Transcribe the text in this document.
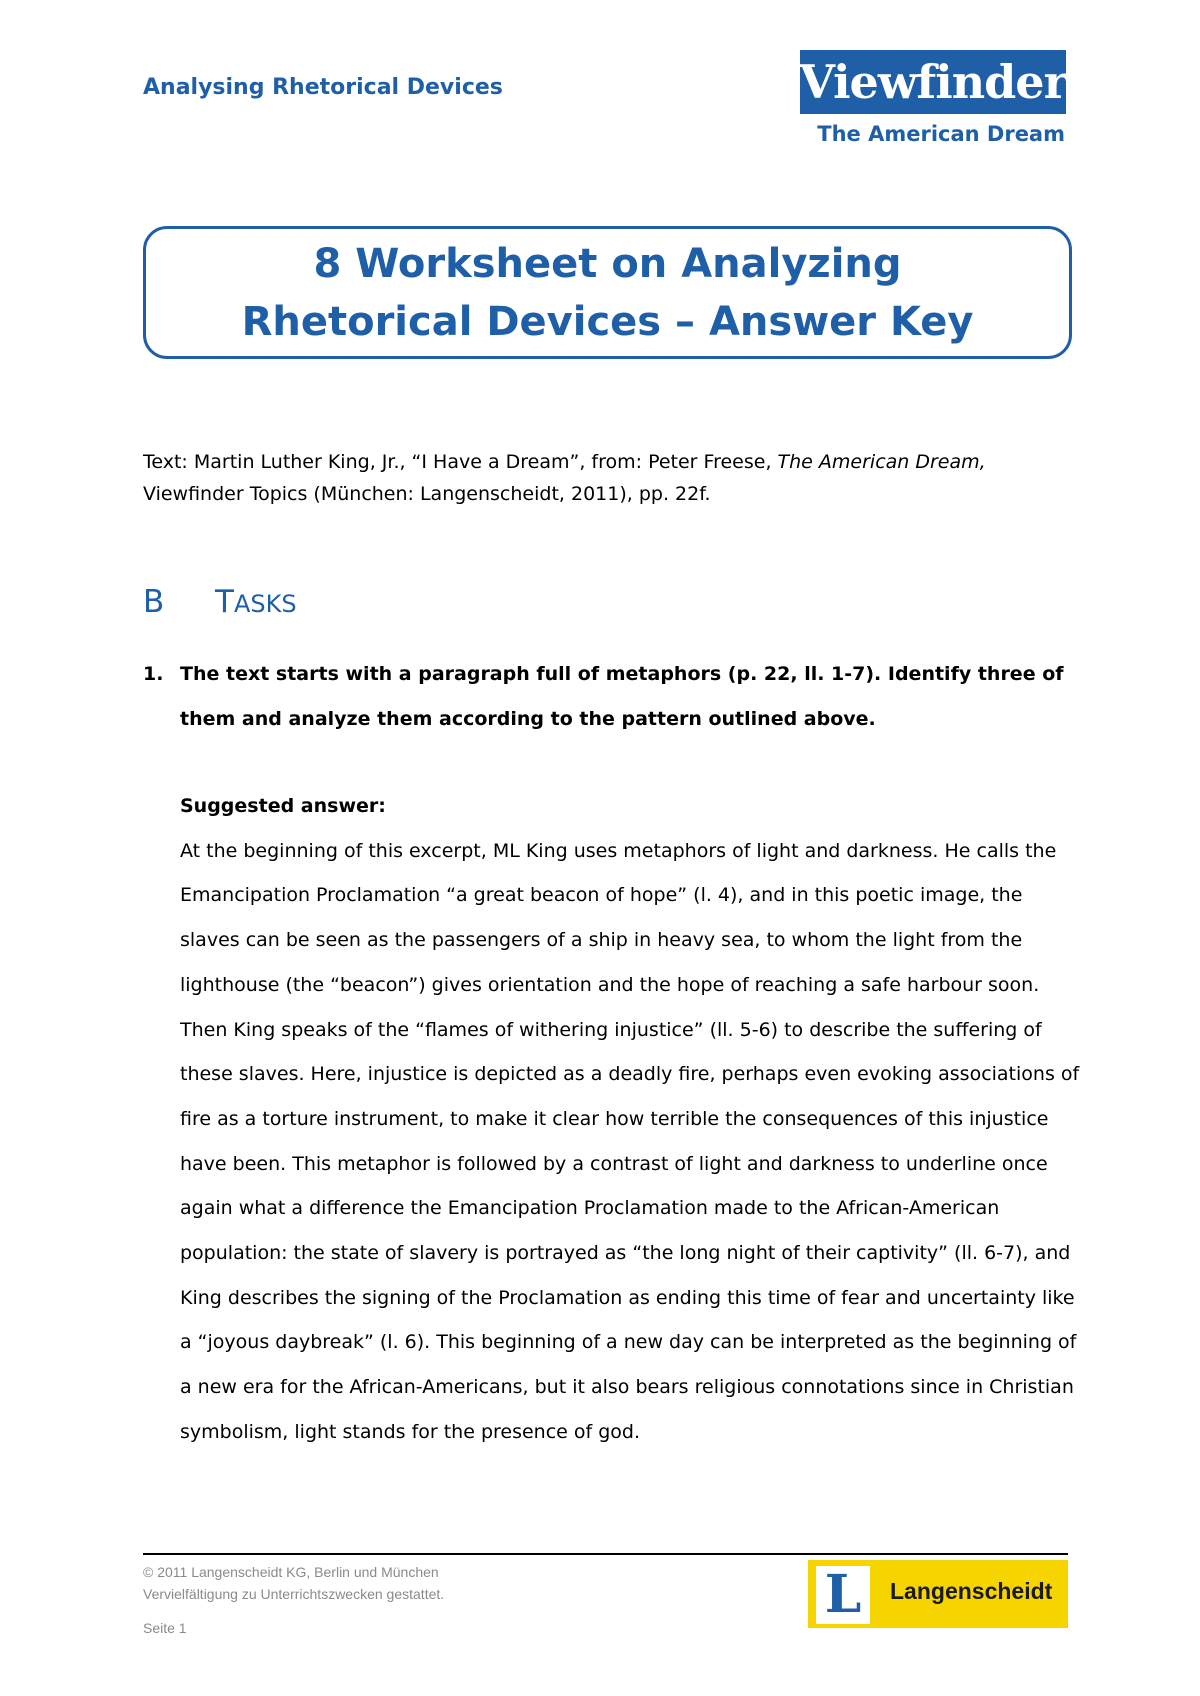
Analysing Rhetorical Devices	Viewfinder
The American Dream
8 Worksheet on Analyzing
Rhetorical Devices – Answer Key
Text: Martin Luther King, Jr., “I Have a Dream”, from: Peter Freese, The American Dream,
Viewfinder Topics (München: Langenscheidt, 2011), pp. 22f.
B TASKS
1. The text starts with a paragraph full of metaphors (p. 22, ll. 1-7). Identify three of them and analyze them according to the pattern outlined above.
Suggested answer:

At the beginning of this excerpt, ML King uses metaphors of light and darkness. He calls the Emancipation Proclamation “a great beacon of hope” (l. 4), and in this poetic image, the slaves can be seen as the passengers of a ship in heavy sea, to whom the light from the lighthouse (the “beacon”) gives orientation and the hope of reaching a safe harbour soon. Then King speaks of the “flames of withering injustice” (ll. 5-6) to describe the suffering of these slaves. Here, injustice is depicted as a deadly fire, perhaps even evoking associations of fire as a torture instrument, to make it clear how terrible the consequences of this injustice have been. This metaphor is followed by a contrast of light and darkness to underline once again what a difference the Emancipation Proclamation made to the African-American population: the state of slavery is portrayed as “the long night of their captivity” (ll. 6-7), and King describes the signing of the Proclamation as ending this time of fear and uncertainty like a “joyous daybreak” (l. 6). This beginning of a new day can be interpreted as the beginning of a new era for the African-Americans, but it also bears religious connotations since in Christian symbolism, light stands for the presence of god.

© 2011 Langenscheidt KG, Berlin und München
Vervielfältigung zu Unterrichtszwecken gestattet.
Seite 1
L	Langenscheidt
